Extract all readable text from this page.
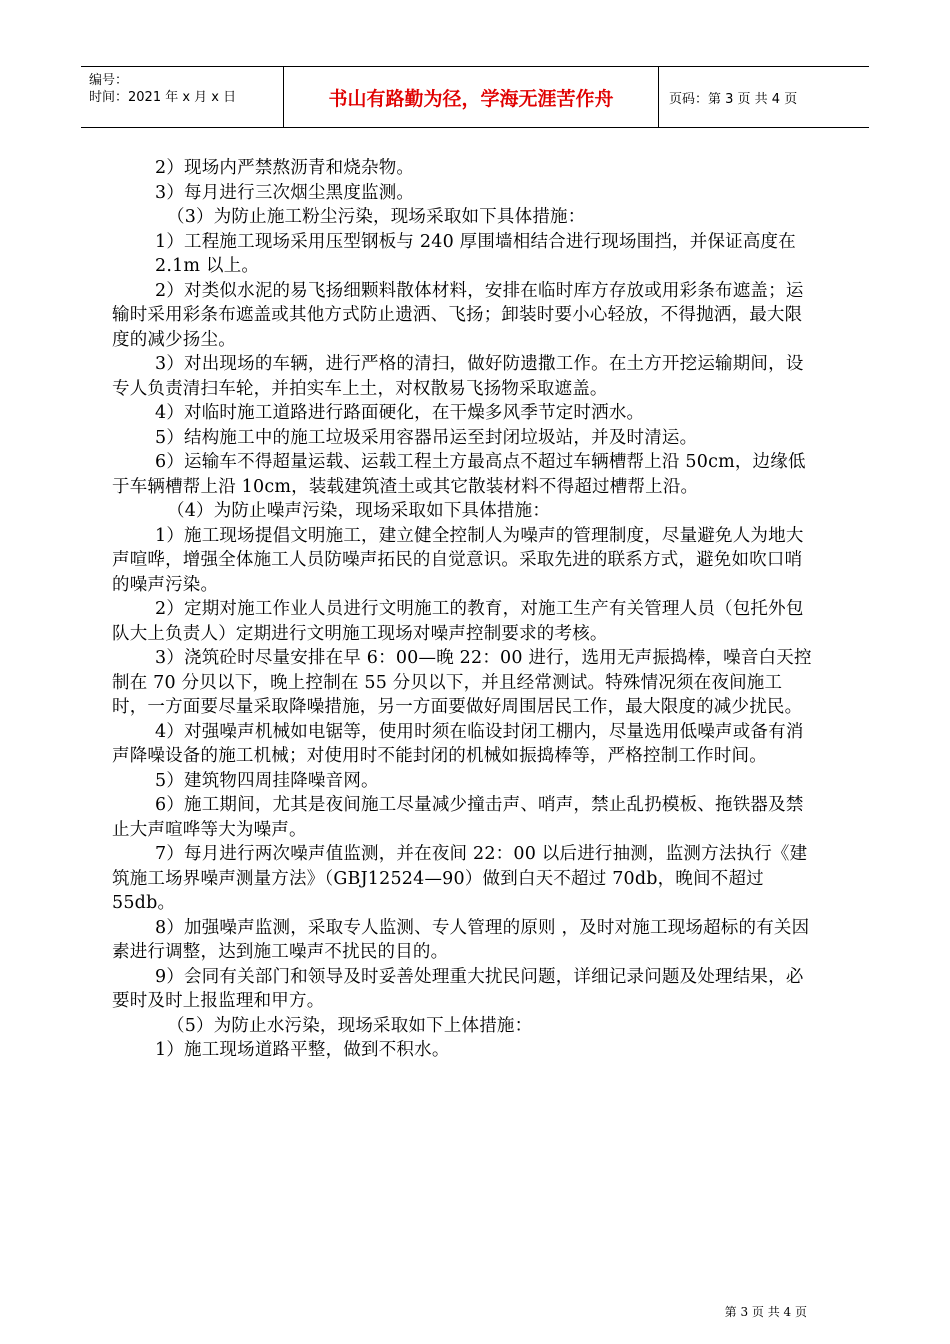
编号：
时间：2021 年 x 月 x 日	书山有路勤为径，学海无涯苦作舟	页码：第 3 页 共 4 页

2）现场内严禁熬沥青和烧杂物。

3）每月进行三次烟尘黑度监测。

（3）为防止施工粉尘污染，现场采取如下具体措施：

1）工程施工现场采用压型钢板与 240 厚围墙相结合进行现场围挡，并保证高度在 2.1m 以上。

2）对类似水泥的易飞扬细颗料散体材料，安排在临时库方存放或用彩条布遮盖；运输时采用彩条布遮盖或其他方式防止遗洒、飞扬；卸装时要小心轻放，不得抛洒，最大限度的减少扬尘。

3）对出现场的车辆，进行严格的清扫，做好防遗撒工作。在土方开挖运输期间，设专人负责清扫车轮，并拍实车上土，对权散易飞扬物采取遮盖。

4）对临时施工道路进行路面硬化，在干燥多风季节定时洒水。

5）结构施工中的施工垃圾采用容器吊运至封闭垃圾站，并及时清运。

6）运输车不得超量运载、运载工程土方最高点不超过车辆槽帮上沿 50cm，边缘低于车辆槽帮上沿 10cm，装载建筑渣土或其它散装材料不得超过槽帮上沿。

（4）为防止噪声污染，现场采取如下具体措施：

1）施工现场提倡文明施工，建立健全控制人为噪声的管理制度，尽量避免人为地大声喧哗，增强全体施工人员防噪声拓民的自觉意识。采取先进的联系方式，避免如吹口哨的噪声污染。

2）定期对施工作业人员进行文明施工的教育，对施工生产有关管理人员（包托外包队大上负责人）定期进行文明施工现场对噪声控制要求的考核。

3）浇筑砼时尽量安排在早 6：00—晚 22：00 进行，选用无声振捣棒，噪音白天控制在 70 分贝以下，晚上控制在 55 分贝以下，并且经常测试。特殊情况须在夜间施工时，一方面要尽量采取降噪措施，另一方面要做好周围居民工作，最大限度的减少扰民。

4）对强噪声机械如电锯等，使用时须在临设封闭工棚内，尽量选用低噪声或备有消声降噪设备的施工机械；对使用时不能封闭的机械如振捣棒等，严格控制工作时间。

5）建筑物四周挂降噪音网。

6）施工期间，尤其是夜间施工尽量减少撞击声、哨声，禁止乱扔模板、拖铁器及禁止大声喧哗等大为噪声。

7）每月进行两次噪声值监测，并在夜间 22：00 以后进行抽测，监测方法执行《建筑施工场界噪声测量方法》（GBJ12524—90）做到白天不超过 70db，晚间不超过 55db。

8）加强噪声监测，采取专人监测、专人管理的原则 ，及时对施工现场超标的有关因素进行调整，达到施工噪声不扰民的目的。

9）会同有关部门和领导及时妥善处理重大扰民问题，详细记录问题及处理结果，必要时及时上报监理和甲方。

（5）为防止水污染，现场采取如下上体措施：

1）施工现场道路平整，做到不积水。

第 3 页 共 4 页
